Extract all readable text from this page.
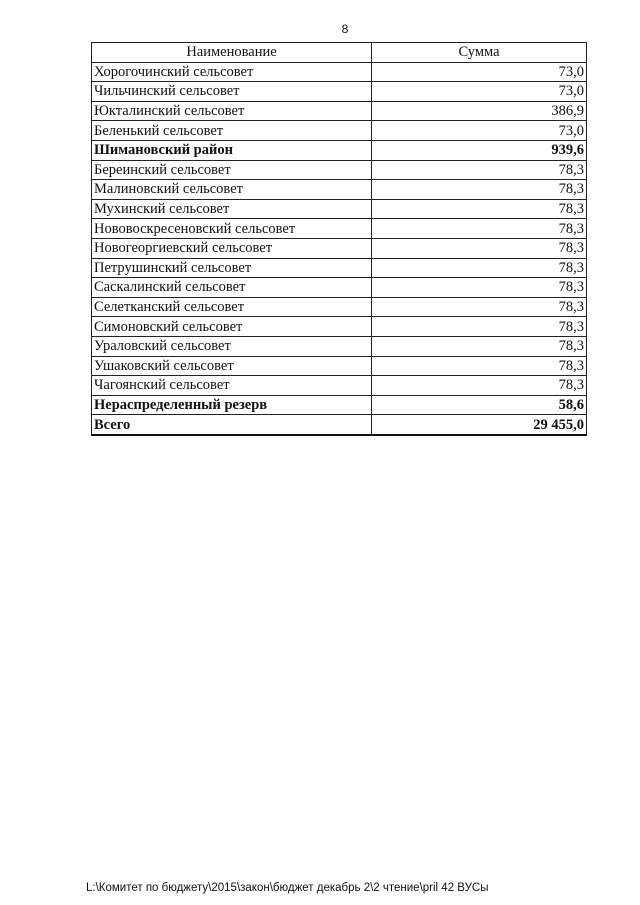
8
Наименование	Сумма
Хорогочинский сельсовет	73,0
Чильчинский сельсовет	73,0
Юкталинский сельсовет	386,9
Беленький сельсовет	73,0
Шимановский район	939,6
Береинский сельсовет	78,3
Малиновский сельсовет	78,3
Мухинский сельсовет	78,3
Нововоскресеновский сельсовет	78,3
Новогеоргиевский сельсовет	78,3
Петрушинский сельсовет	78,3
Саскалинский сельсовет	78,3
Селетканский сельсовет	78,3
Симоновский сельсовет	78,3
Ураловский сельсовет	78,3
Ушаковский сельсовет	78,3
Чагоянский сельсовет	78,3
Нераспределенный резерв	58,6
Всего	29 455,0
L:\Комитет по бюджету\2015\закон\бюджет декабрь 2\2 чтение\pril 42 ВУСы
